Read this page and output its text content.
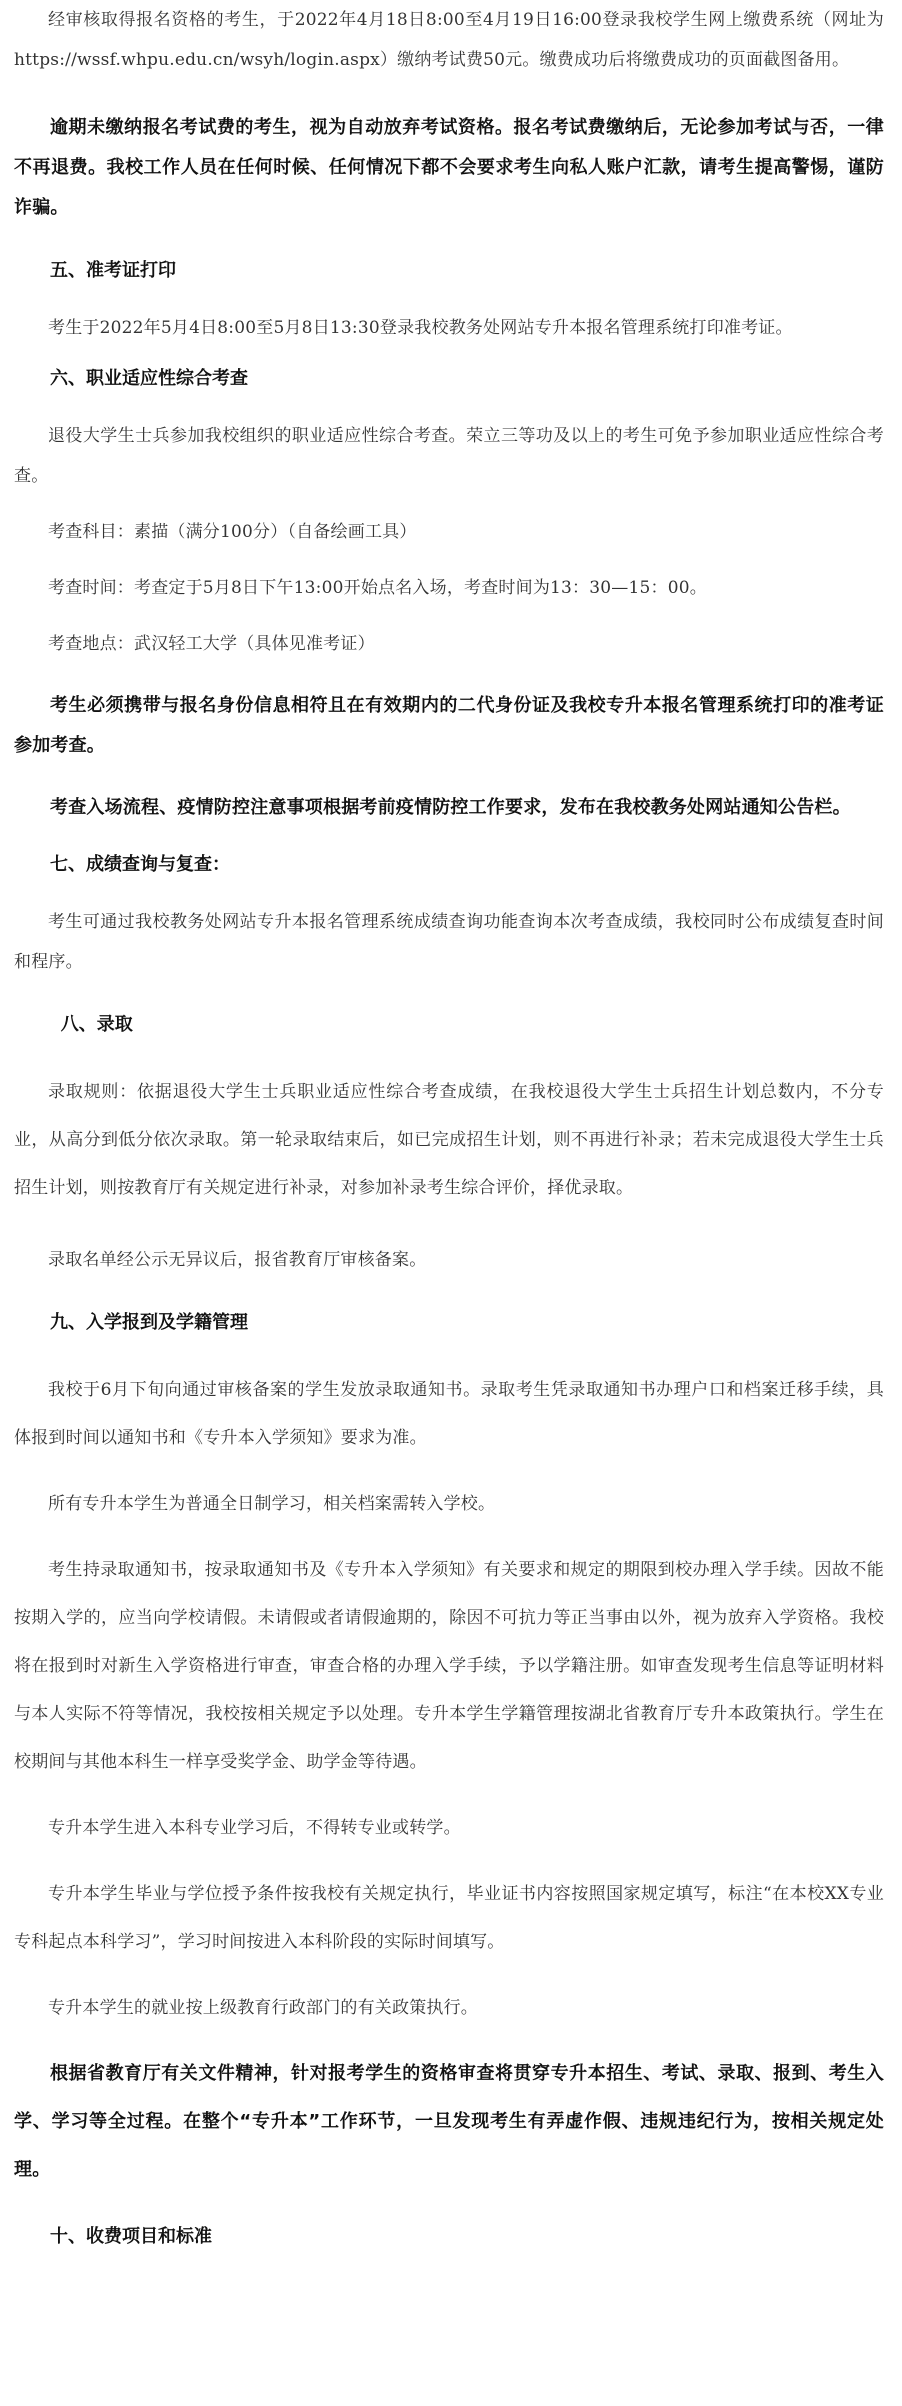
经审核取得报名资格的考生，于2022年4月18日8:00至4月19日16:00登录我校学生网上缴费系统（网址为https://wssf.whpu.edu.cn/wsyh/login.aspx）缴纳考试费50元。缴费成功后将缴费成功的页面截图备用。

逾期未缴纳报名考试费的考生，视为自动放弃考试资格。报名考试费缴纳后，无论参加考试与否，一律不再退费。我校工作人员在任何时候、任何情况下都不会要求考生向私人账户汇款，请考生提高警惕，谨防诈骗。

五、准考证打印

考生于2022年5月4日8:00至5月8日13:30登录我校教务处网站专升本报名管理系统打印准考证。

六、职业适应性综合考查

退役大学生士兵参加我校组织的职业适应性综合考查。荣立三等功及以上的考生可免予参加职业适应性综合考查。

考查科目：素描（满分100分）（自备绘画工具）

考查时间：考查定于5月8日下午13:00开始点名入场，考查时间为13：30—15：00。

考查地点：武汉轻工大学（具体见准考证）

考生必须携带与报名身份信息相符且在有效期内的二代身份证及我校专升本报名管理系统打印的准考证参加考查。

考查入场流程、疫情防控注意事项根据考前疫情防控工作要求，发布在我校教务处网站通知公告栏。

七、成绩查询与复查：

考生可通过我校教务处网站专升本报名管理系统成绩查询功能查询本次考查成绩，我校同时公布成绩复查时间和程序。

八、录取

录取规则：依据退役大学生士兵职业适应性综合考查成绩，在我校退役大学生士兵招生计划总数内，不分专业，从高分到低分依次录取。第一轮录取结束后，如已完成招生计划，则不再进行补录；若未完成退役大学生士兵招生计划，则按教育厅有关规定进行补录，对参加补录考生综合评价，择优录取。

录取名单经公示无异议后，报省教育厅审核备案。

九、入学报到及学籍管理

我校于6月下旬向通过审核备案的学生发放录取通知书。录取考生凭录取通知书办理户口和档案迁移手续，具体报到时间以通知书和《专升本入学须知》要求为准。

所有专升本学生为普通全日制学习，相关档案需转入学校。

考生持录取通知书，按录取通知书及《专升本入学须知》有关要求和规定的期限到校办理入学手续。因故不能按期入学的，应当向学校请假。未请假或者请假逾期的，除因不可抗力等正当事由以外，视为放弃入学资格。我校将在报到时对新生入学资格进行审查，审查合格的办理入学手续，予以学籍注册。如审查发现考生信息等证明材料与本人实际不符等情况，我校按相关规定予以处理。专升本学生学籍管理按湖北省教育厅专升本政策执行。学生在校期间与其他本科生一样享受奖学金、助学金等待遇。

专升本学生进入本科专业学习后，不得转专业或转学。

专升本学生毕业与学位授予条件按我校有关规定执行，毕业证书内容按照国家规定填写，标注“在本校XX专业专科起点本科学习”，学习时间按进入本科阶段的实际时间填写。

专升本学生的就业按上级教育行政部门的有关政策执行。

根据省教育厅有关文件精神，针对报考学生的资格审查将贯穿专升本招生、考试、录取、报到、考生入学、学习等全过程。在整个“专升本”工作环节，一旦发现考生有弄虚作假、违规违纪行为，按相关规定处理。

十、收费项目和标准
